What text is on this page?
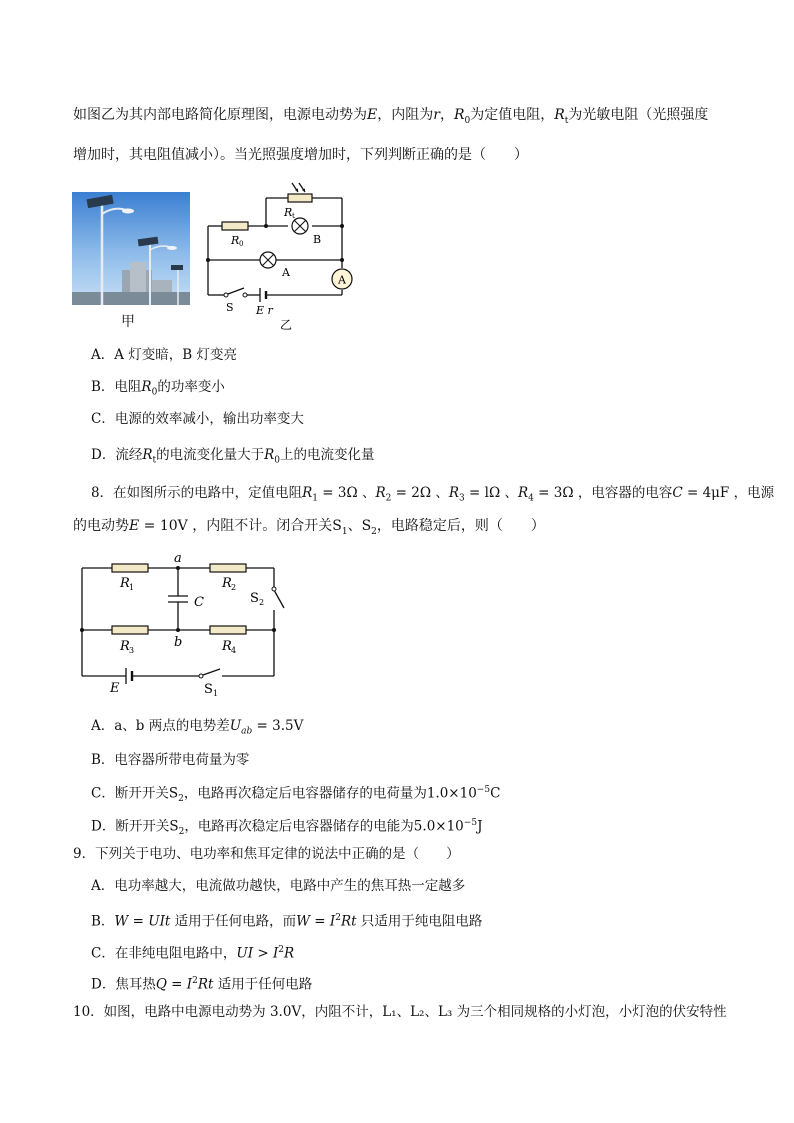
如图乙为其内部电路简化原理图，电源电动势为E，内阻为r，$R_0$为定值电阻，$R_t$为光敏电阻（光照强度
增加时，其电阻值减小）。当光照强度增加时，下列判断正确的是（　　）
甲
A
R t
B
R 0
A
S E r
乙
A．A 灯变暗，B 灯变亮
B．电阻$R_0$的功率变小
C．电源的效率减小，输出功率变大
D．流经$R_t$的电流变化量大于$R_0$上的电流变化量
8．在如图所示的电路中，定值电阻$R_1 = 3\Omega$ 、$R_2 = 2\Omega$ 、$R_3 = l\Omega$ 、$R_4 = 3\Omega$ ，电容器的电容C = 4μF ，电源
的电动势E = 10V ，内阻不计。闭合开关$S_1$、$S_2$，电路稳定后，则（　　）
a
b
R 1	R 2
R 3	R 4
C	S 2
E	S 1
A．a、b 两点的电势差$U_{ab} = 3.5V$
B．电容器所带电荷量为零
C．断开开关$S_2$，电路再次稳定后电容器储存的电荷量为$1.0\times 10^{-5}C$
D．断开开关$S_2$，电路再次稳定后电容器储存的电能为$5.0\times 10^{-5}J$
9．下列关于电功、电功率和焦耳定律的说法中正确的是（　　）
A．电功率越大，电流做功越快，电路中产生的焦耳热一定越多
B．W = UIt 适用于任何电路，而$W = I^2Rt$ 只适用于纯电阻电路
C．在非纯电阻电路中，UI > $I^2R$
D．焦耳热$Q = I^2Rt$ 适用于任何电路
10．如图，电路中电源电动势为 3.0V，内阻不计，L₁、L₂、L₃ 为三个相同规格的小灯泡，小灯泡的伏安特性
